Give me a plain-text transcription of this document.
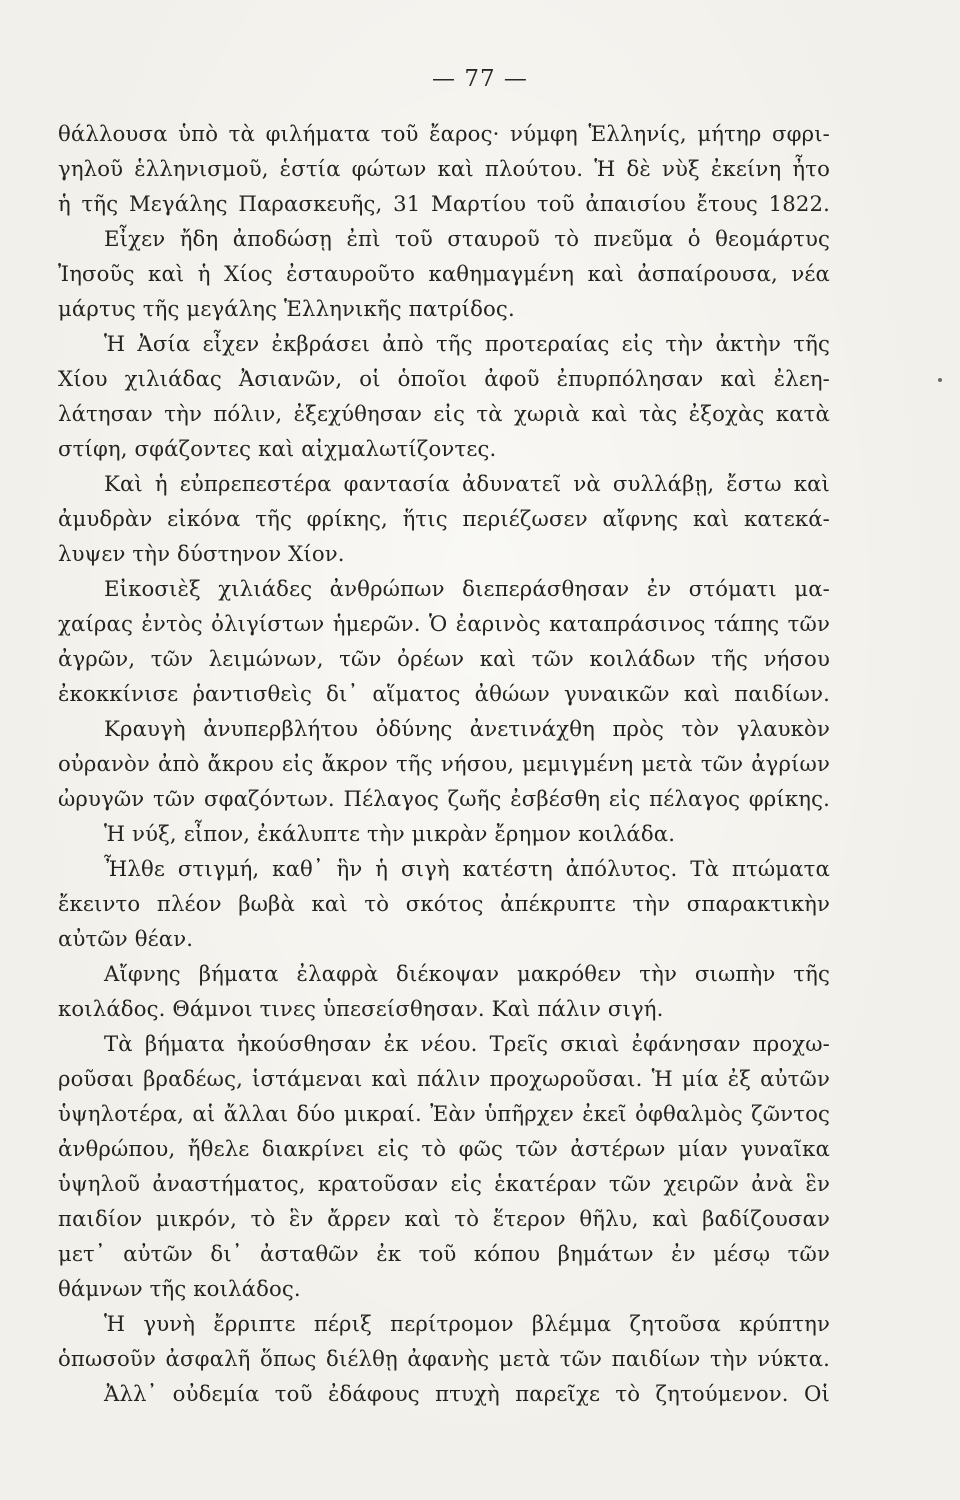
— 77 —
θάλλουσα ὑπὸ τὰ φιλήματα τοῦ ἔαρος· νύμφη Ἑλληνίς, μήτηρ σφρι-
γηλοῦ ἑλληνισμοῦ, ἑστία φώτων καὶ πλούτου. Ἡ δὲ νὺξ ἐκείνη ἦτο
ἡ τῆς Μεγάλης Παρασκευῆς, 31 Μαρτίου τοῦ ἀπαισίου ἔτους 1822.
Εἶχεν ἤδη ἀποδώσῃ ἐπὶ τοῦ σταυροῦ τὸ πνεῦμα ὁ θεομάρτυς
Ἰησοῦς καὶ ἡ Χίος ἐσταυροῦτο καθημαγμένη καὶ ἀσπαίρουσα, νέα
μάρτυς τῆς μεγάλης Ἑλληνικῆς πατρίδος.
Ἡ Ἀσία εἶχεν ἐκβράσει ἀπὸ τῆς προτεραίας εἰς τὴν ἀκτὴν τῆς
Χίου χιλιάδας Ἀσιανῶν, οἱ ὁποῖοι ἀφοῦ ἐπυρπόλησαν καὶ ἐλεη-
λάτησαν τὴν πόλιν, ἐξεχύθησαν εἰς τὰ χωριὰ καὶ τὰς ἐξοχὰς κατὰ
στίφη, σφάζοντες καὶ αἰχμαλωτίζοντες.
Καὶ ἡ εὐπρεπεστέρα φαντασία ἀδυνατεῖ νὰ συλλάβῃ, ἔστω καὶ
ἀμυδρὰν εἰκόνα τῆς φρίκης, ἥτις περιέζωσεν αἴφνης καὶ κατεκά-
λυψεν τὴν δύστηνον Χίον.
Εἰκοσιὲξ χιλιάδες ἀνθρώπων διεπεράσθησαν ἐν στόματι μα-
χαίρας ἐντὸς ὀλιγίστων ἡμερῶν. Ὁ ἐαρινὸς καταπράσινος τάπης τῶν
ἀγρῶν, τῶν λειμώνων, τῶν ὀρέων καὶ τῶν κοιλάδων τῆς νήσου
ἐκοκκίνισε ῥαντισθεὶς δι᾽ αἵματος ἀθώων γυναικῶν καὶ παιδίων.
Κραυγὴ ἀνυπερβλήτου ὀδύνης ἀνετινάχθη πρὸς τὸν γλαυκὸν
οὐρανὸν ἀπὸ ἄκρου εἰς ἄκρον τῆς νήσου, μεμιγμένη μετὰ τῶν ἀγρίων
ὠρυγῶν τῶν σφαζόντων. Πέλαγος ζωῆς ἐσβέσθη εἰς πέλαγος φρίκης.
Ἡ νύξ, εἶπον, ἐκάλυπτε τὴν μικρὰν ἔρημον κοιλάδα.
Ἦλθε στιγμή, καθ᾽ ἣν ἡ σιγὴ κατέστη ἀπόλυτος. Τὰ πτώματα
ἔκειντο πλέον βωβὰ καὶ τὸ σκότος ἀπέκρυπτε τὴν σπαρακτικὴν
αὐτῶν θέαν.
Αἴφνης βήματα ἐλαφρὰ διέκοψαν μακρόθεν τὴν σιωπὴν τῆς
κοιλάδος. Θάμνοι τινες ὑπεσείσθησαν. Καὶ πάλιν σιγή.
Τὰ βήματα ἠκούσθησαν ἐκ νέου. Τρεῖς σκιαὶ ἐφάνησαν προχω-
ροῦσαι βραδέως, ἱστάμεναι καὶ πάλιν προχωροῦσαι. Ἡ μία ἐξ αὐτῶν
ὑψηλοτέρα, αἱ ἄλλαι δύο μικραί. Ἐὰν ὑπῆρχεν ἐκεῖ ὀφθαλμὸς ζῶντος
ἀνθρώπου, ἤθελε διακρίνει εἰς τὸ φῶς τῶν ἀστέρων μίαν γυναῖκα
ὑψηλοῦ ἀναστήματος, κρατοῦσαν εἰς ἑκατέραν τῶν χειρῶν ἀνὰ ἓν
παιδίον μικρόν, τὸ ἓν ἄρρεν καὶ τὸ ἕτερον θῆλυ, καὶ βαδίζουσαν
μετ᾽ αὐτῶν δι᾽ ἀσταθῶν ἐκ τοῦ κόπου βημάτων ἐν μέσῳ τῶν
θάμνων τῆς κοιλάδος.
Ἡ γυνὴ ἔρριπτε πέριξ περίτρομον βλέμμα ζητοῦσα κρύπτην
ὁπωσοῦν ἀσφαλῆ ὅπως διέλθῃ ἀφανὴς μετὰ τῶν παιδίων τὴν νύκτα.
Ἀλλ᾽ οὐδεμία τοῦ ἐδάφους πτυχὴ παρεῖχε τὸ ζητούμενον. Οἱ
